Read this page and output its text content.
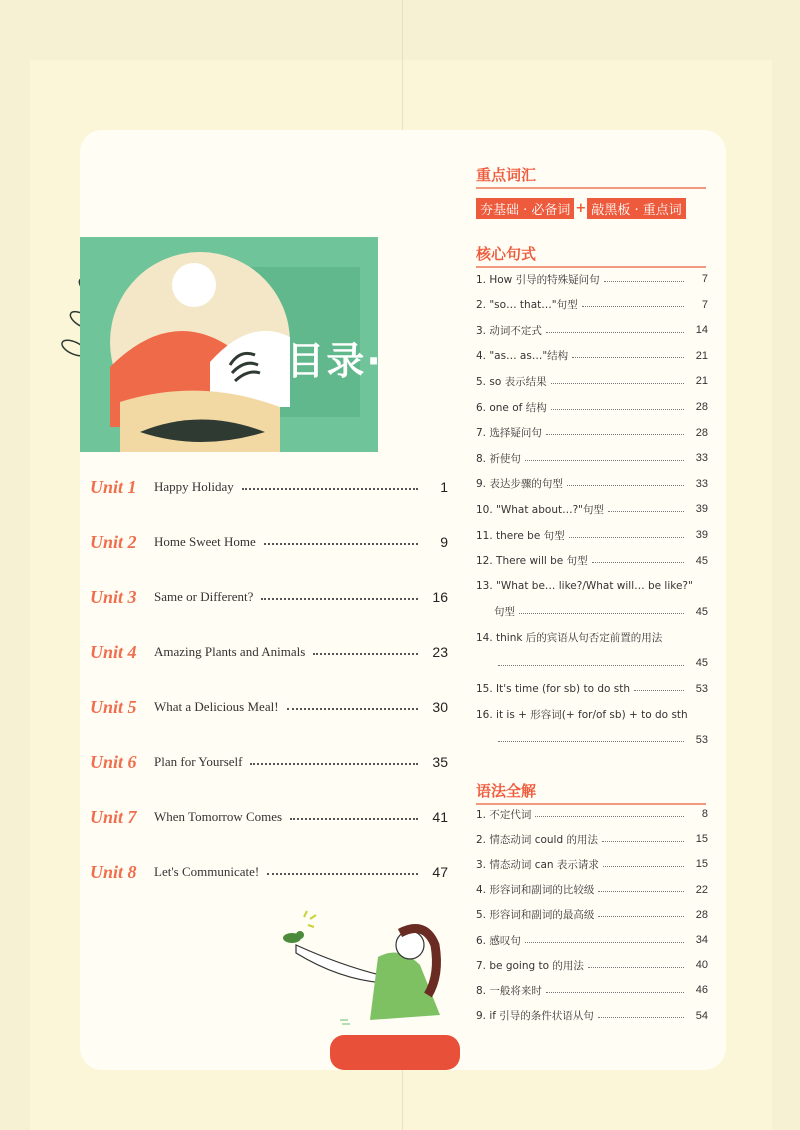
·目录·
Unit 1	Happy Holiday	1
Unit 2	Home Sweet Home	9
Unit 3	Same or Different?	16
Unit 4	Amazing Plants and Animals	23
Unit 5	What a Delicious Meal!	30
Unit 6	Plan for Yourself	35
Unit 7	When Tomorrow Comes	41
Unit 8	Let's Communicate!	47
重点词汇
夯基础 · 必备词 + 敲黑板 · 重点词
核心句式
1. How 引导的特殊疑问句	7
2. "so… that…"句型	7
3. 动词不定式	14
4. "as… as…"结构	21
5. so 表示结果	21
6. one of 结构	28
7. 选择疑问句	28
8. 祈使句	33
9. 表达步骤的句型	33
10. "What about…?"句型	39
11. there be 句型	39
12. There will be 句型	45
13. "What be… like?/What will… be like?"
句型	45
14. think 后的宾语从句否定前置的用法
45
15. It's time (for sb) to do sth	53
16. it is + 形容词(+ for/of sb) + to do sth
53
语法全解
1. 不定代词	8
2. 情态动词 could 的用法	15
3. 情态动词 can 表示请求	15
4. 形容词和副词的比较级	22
5. 形容词和副词的最高级	28
6. 感叹句	34
7. be going to 的用法	40
8. 一般将来时	46
9. if 引导的条件状语从句	54
